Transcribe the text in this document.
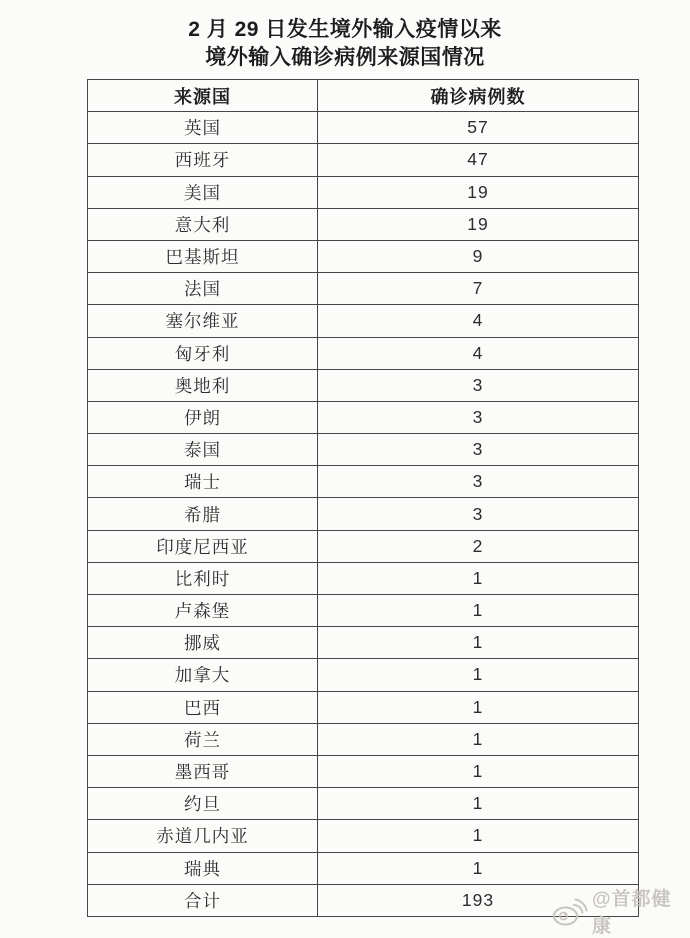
2 月 29 日发生境外输入疫情以来
境外输入确诊病例来源国情况
来源国	确诊病例数
英国	57
西班牙	47
美国	19
意大利	19
巴基斯坦	9
法国	7
塞尔维亚	4
匈牙利	4
奥地利	3
伊朗	3
泰国	3
瑞士	3
希腊	3
印度尼西亚	2
比利时	1
卢森堡	1
挪威	1
加拿大	1
巴西	1
荷兰	1
墨西哥	1
约旦	1
赤道几内亚	1
瑞典	1
合计	193	@首都健康
